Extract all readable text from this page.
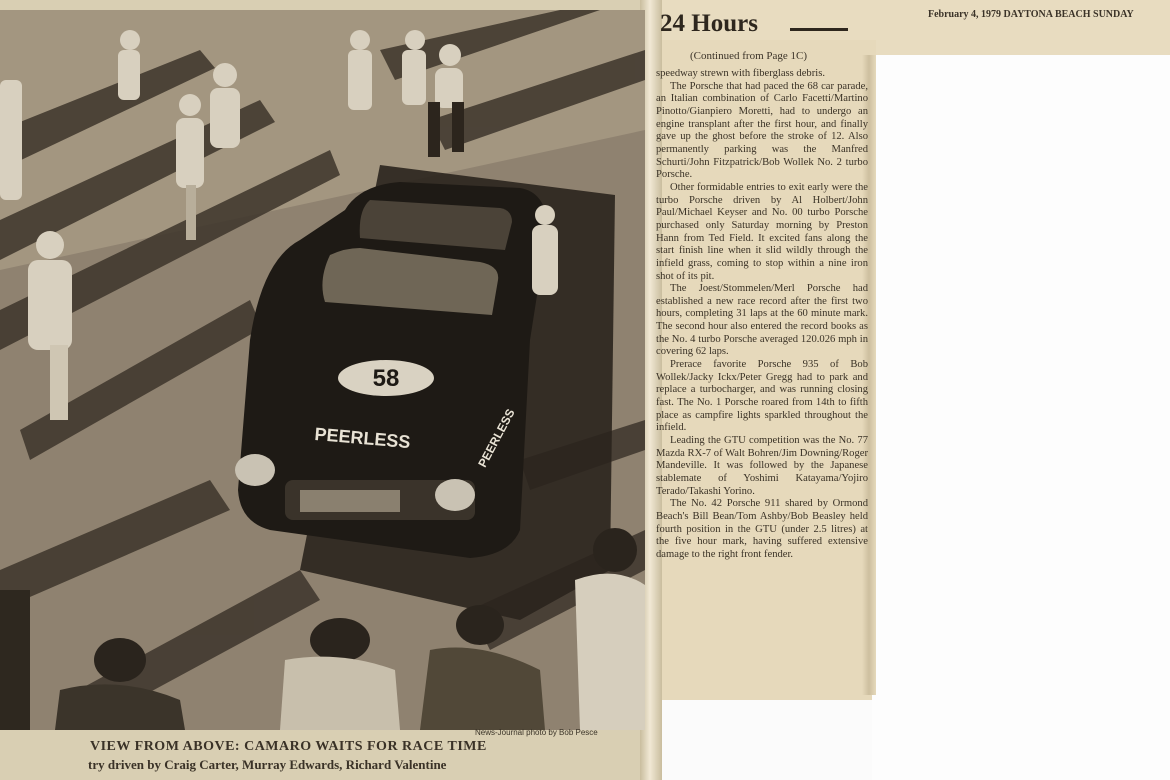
58
PEERLESS	PEERLESS
News-Journal photo by Bob Pesce
VIEW FROM ABOVE: CAMARO WAITS FOR RACE TIME
try driven by Craig Carter, Murray Edwards, Richard Valentine
February 4, 1979 DAYTONA BEACH SUNDAY
24 Hours
(Continued from Page 1C)

speedway strewn with fiberglass debris.

The Porsche that had paced the 68 car parade, an Italian combination of Carlo Facetti/Martino Pinotto/Gianpiero Moretti, had to undergo an engine transplant after the first hour, and finally gave up the ghost before the stroke of 12. Also permanently parking was the Manfred Schurti/John Fitzpatrick/Bob Wollek No. 2 turbo Porsche.

Other formidable entries to exit early were the turbo Porsche driven by Al Holbert/John Paul/Michael Keyser and No. 00 turbo Porsche purchased only Saturday morning by Preston Hann from Ted Field. It excited fans along the start finish line when it slid wildly through the infield grass, coming to stop within a nine iron shot of its pit.

The Joest/Stommelen/Merl Porsche had established a new race record after the first two hours, completing 31 laps at the 60 minute mark. The second hour also entered the record books as the No. 4 turbo Porsche averaged 120.026 mph in covering 62 laps.

Prerace favorite Porsche 935 of Bob Wollek/Jacky Ickx/Peter Gregg had to park and replace a turbocharger, and was running closing fast. The No. 1 Porsche roared from 14th to fifth place as campfire lights sparkled throughout the infield.

Leading the GTU competition was the No. 77 Mazda RX-7 of Walt Bohren/Jim Downing/Roger Mandeville. It was followed by the Japanese stablemate of Yoshimi Katayama/Yojiro Terado/Takashi Yorino.

The No. 42 Porsche 911 shared by Ormond Beach's Bill Bean/Tom Ashby/Bob Beasley held fourth position in the GTU (under 2.5 litres) at the five hour mark, having suffered extensive damage to the right front fender.
